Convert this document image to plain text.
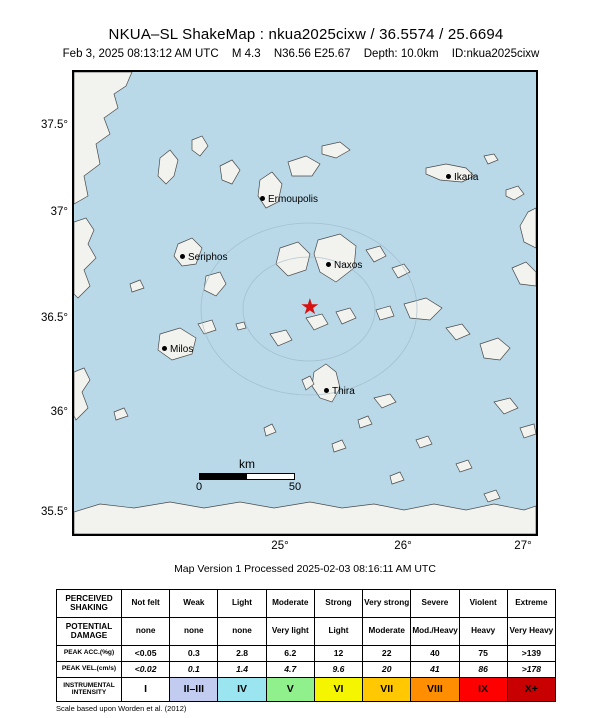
NKUA–SL ShakeMap : nkua2025cixw / 36.5574 / 25.6694
Feb 3, 2025 08:13:12 AM UTC M 4.3 N36.56 E25.67 Depth: 10.0km ID:nkua2025cixw
37.5°
37°
36.5°
36°
35.5°
25°	26°	27°
★
Ikaria
Ermoupolis
Seriphos
Naxos
Milos
Thira
km
0	50
Map Version 1 Processed 2025-02-03 08:16:11 AM UTC
PERCEIVED SHAKING	Not felt	Weak	Light	Moderate	Strong	Very strong	Severe	Violent	Extreme
POTENTIAL DAMAGE	none	none	none	Very light	Light	Moderate	Mod./Heavy	Heavy	Very Heavy
PEAK ACC.(%g)	<0.05	0.3	2.8	6.2	12	22	40	75	>139
PEAK VEL.(cm/s)	<0.02	0.1	1.4	4.7	9.6	20	41	86	>178
INSTRUMENTAL INTENSITY	I	II–III	IV	V	VI	VII	VIII	IX	X+
Scale based upon Worden et al. (2012)
